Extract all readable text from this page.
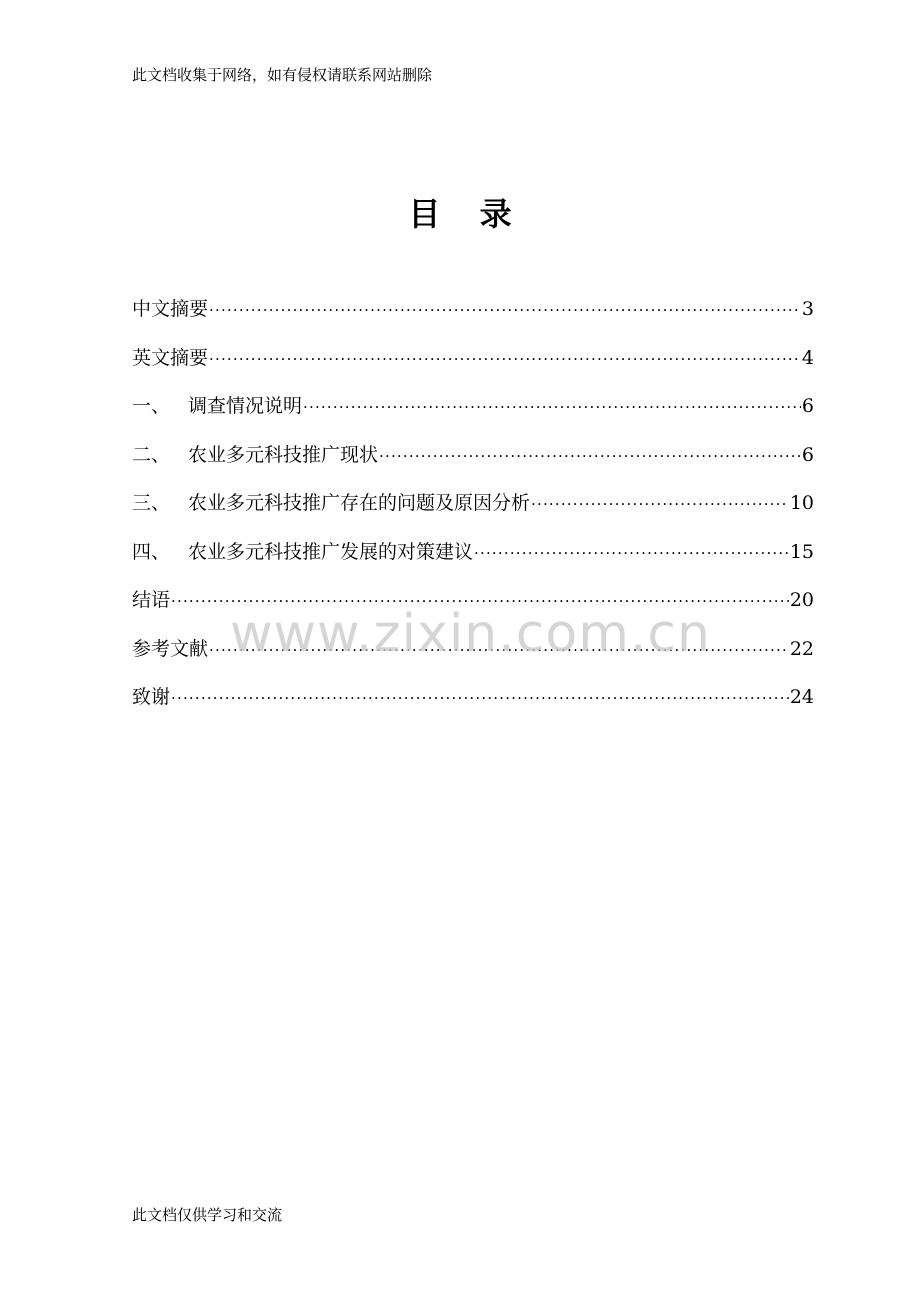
此文档收集于网络，如有侵权请联系网站删除
目 录
中文摘要 ·····	3
英文摘要 ·····	4
一、 调查情况说明 ·····	6
二、 农业多元科技推广现状 ·····	6
三、 农业多元科技推广存在的问题及原因分析 ·····	10
四、 农业多元科技推广发展的对策建议 ·····	15
结语 ·····	20
参考文献 ·····	22
致谢 ·····	24
www.zixin.com.cn
此文档仅供学习和交流
